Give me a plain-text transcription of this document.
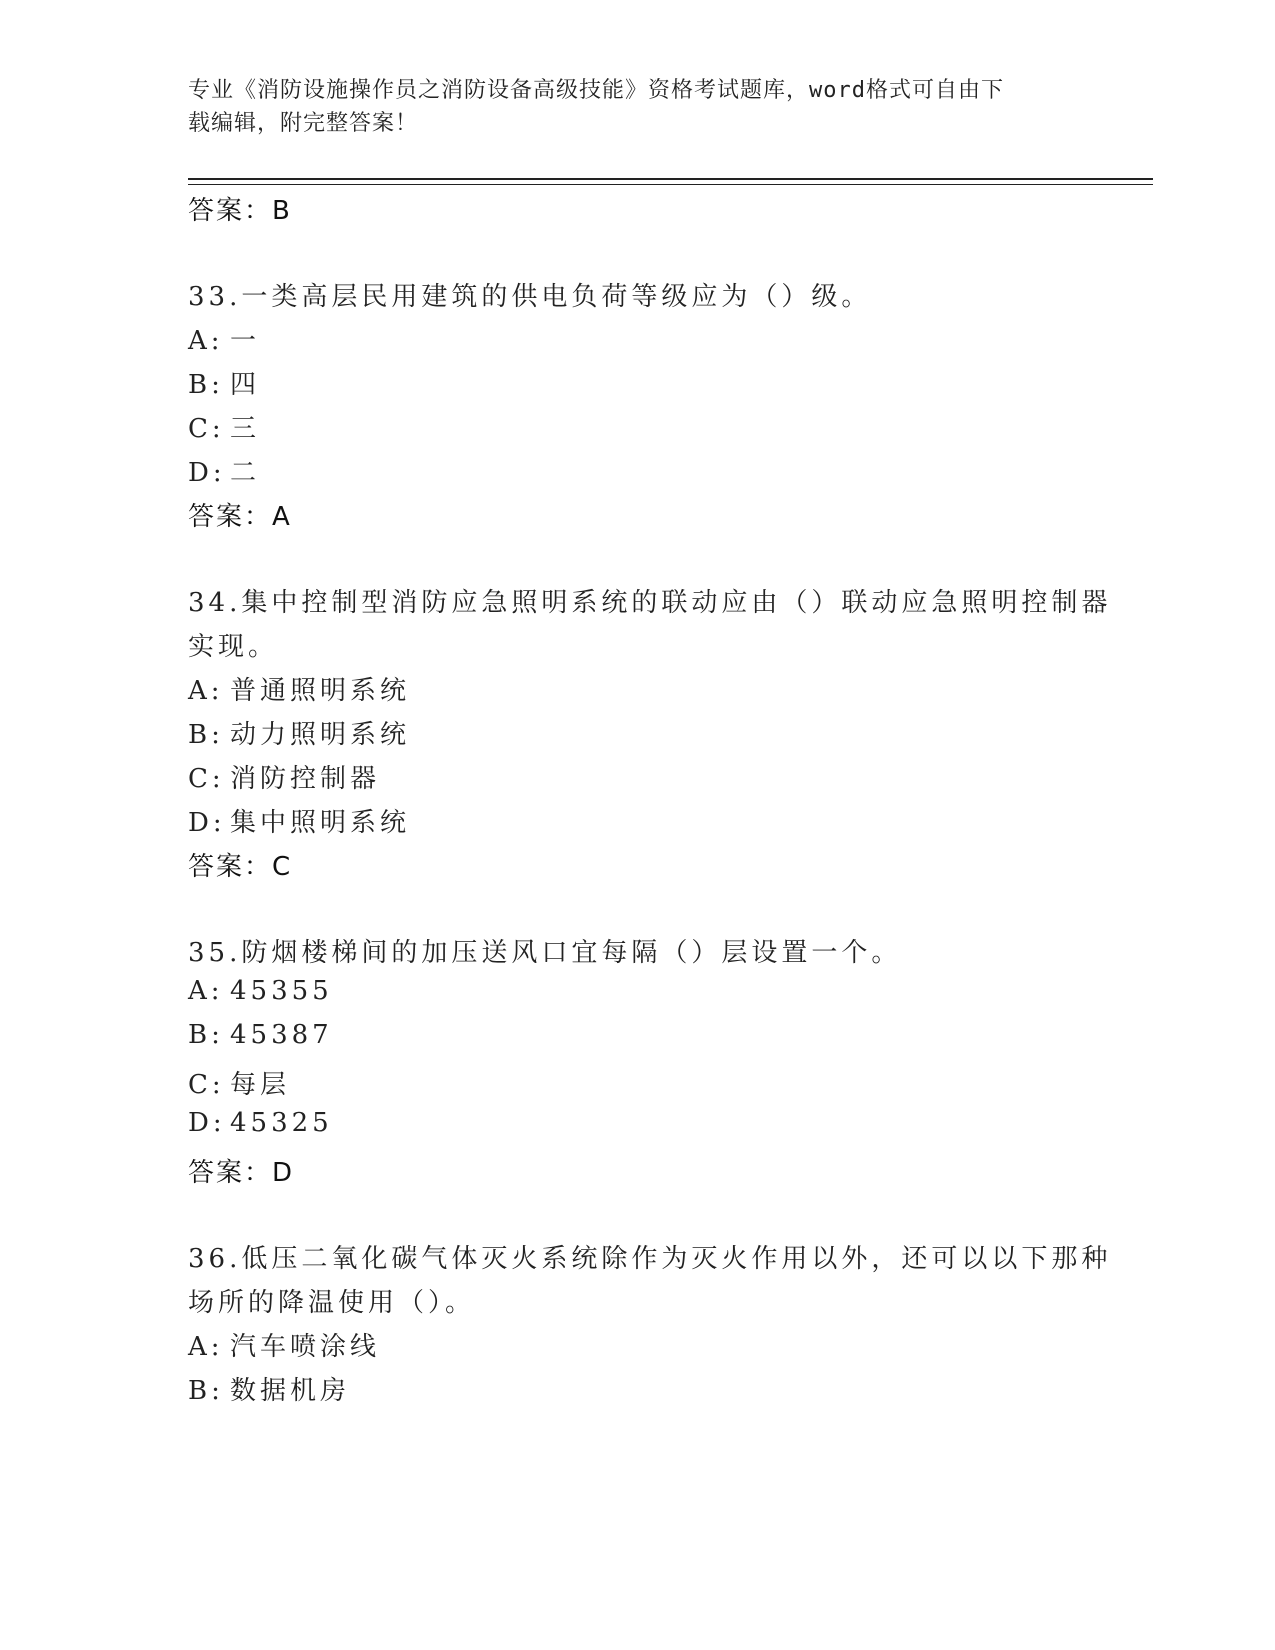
专业《消防设施操作员之消防设备高级技能》资格考试题库，word格式可自由下
载编辑，附完整答案！
答案：B
33.一类高层民用建筑的供电负荷等级应为（）级。
A: 一
B: 四
C: 三
D: 二
答案：A
34.集中控制型消防应急照明系统的联动应由（）联动应急照明控制器
实现。
A: 普通照明系统
B: 动力照明系统
C: 消防控制器
D: 集中照明系统
答案：C
35.防烟楼梯间的加压送风口宜每隔（）层设置一个。
A: 45355
B: 45387
C: 每层
D: 45325
答案：D
36.低压二氧化碳气体灭火系统除作为灭火作用以外，还可以以下那种
场所的降温使用（）。
A: 汽车喷涂线
B: 数据机房
